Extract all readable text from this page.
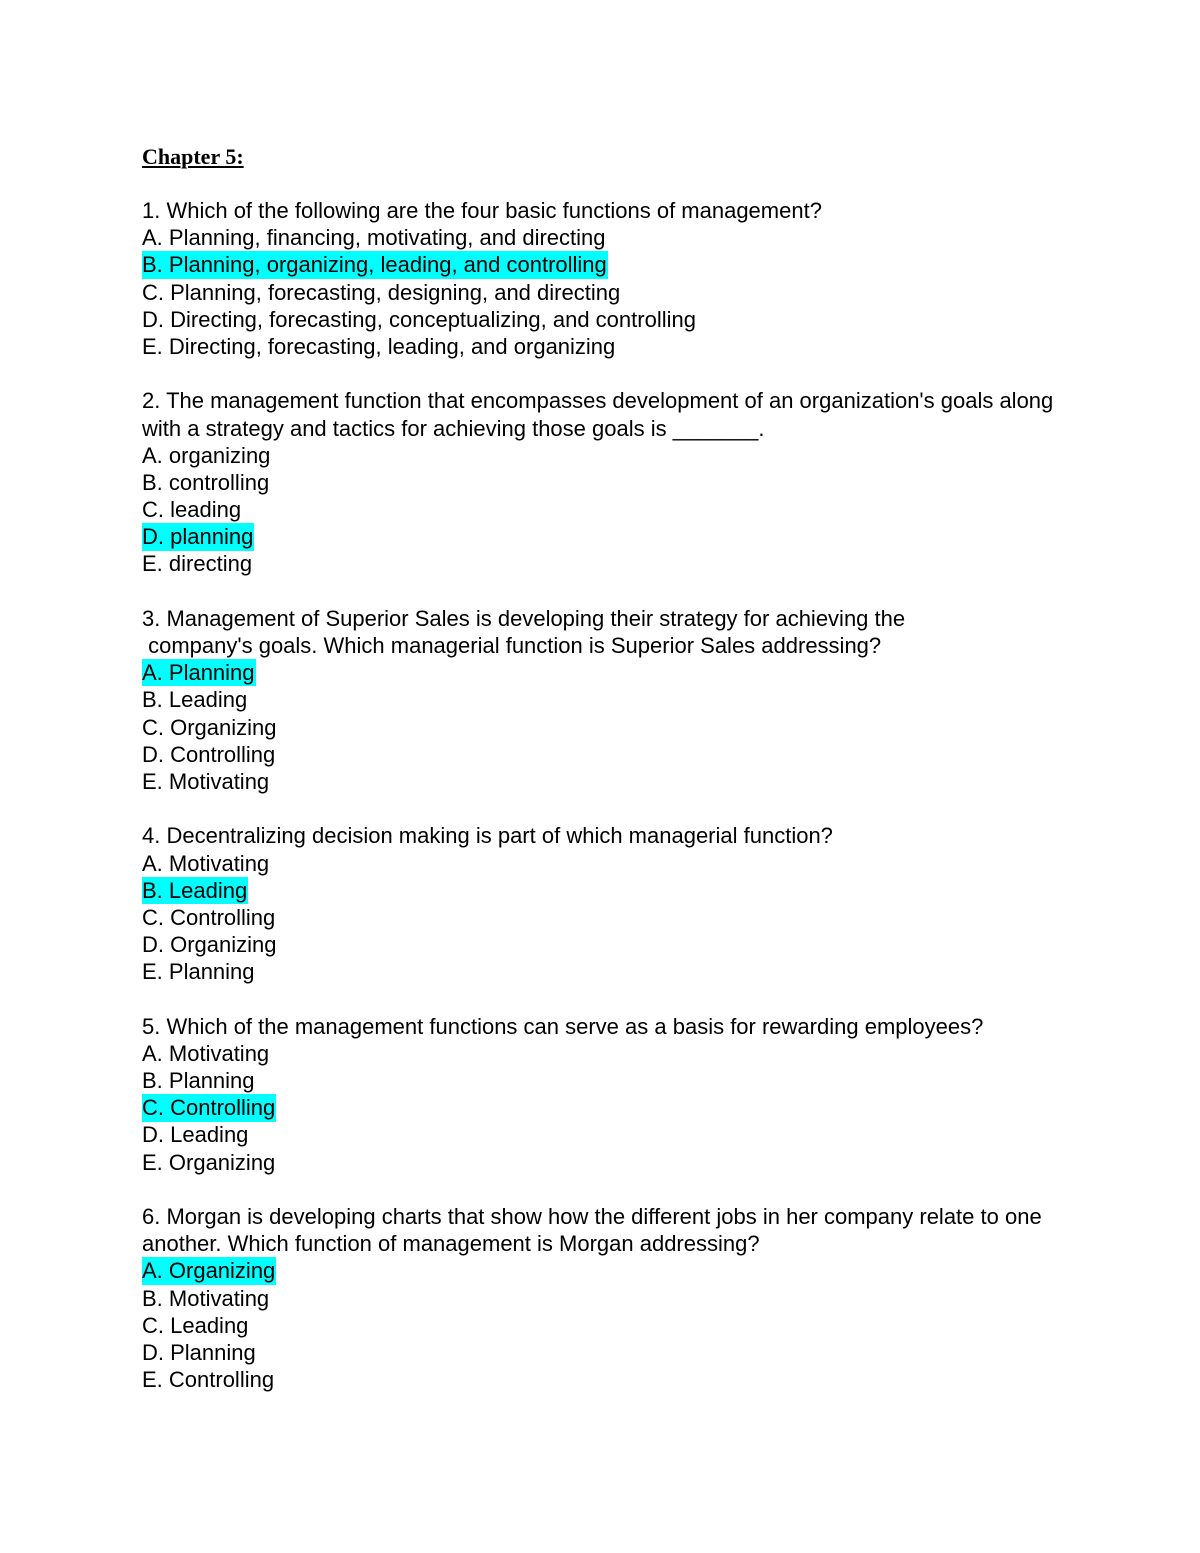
Chapter 5:

1. Which of the following are the four basic functions of management?

A. Planning, financing, motivating, and directing
B. Planning, organizing, leading, and controlling
C. Planning, forecasting, designing, and directing
D. Directing, forecasting, conceptualizing, and controlling
E. Directing, forecasting, leading, and organizing

2. The management function that encompasses development of an organization's goals along with a strategy and tactics for achieving those goals is _______.

A. organizing
B. controlling
C. leading
D. planning
E. directing

3. Management of Superior Sales is developing their strategy for achieving the
company's goals. Which managerial function is Superior Sales addressing?

A. Planning
B. Leading
C. Organizing
D. Controlling
E. Motivating

4. Decentralizing decision making is part of which managerial function?

A. Motivating
B. Leading
C. Controlling
D. Organizing
E. Planning

5. Which of the management functions can serve as a basis for rewarding employees?

A. Motivating
B. Planning
C. Controlling
D. Leading
E. Organizing

6. Morgan is developing charts that show how the different jobs in her company relate to one another. Which function of management is Morgan addressing?

A. Organizing
B. Motivating
C. Leading
D. Planning
E. Controlling
